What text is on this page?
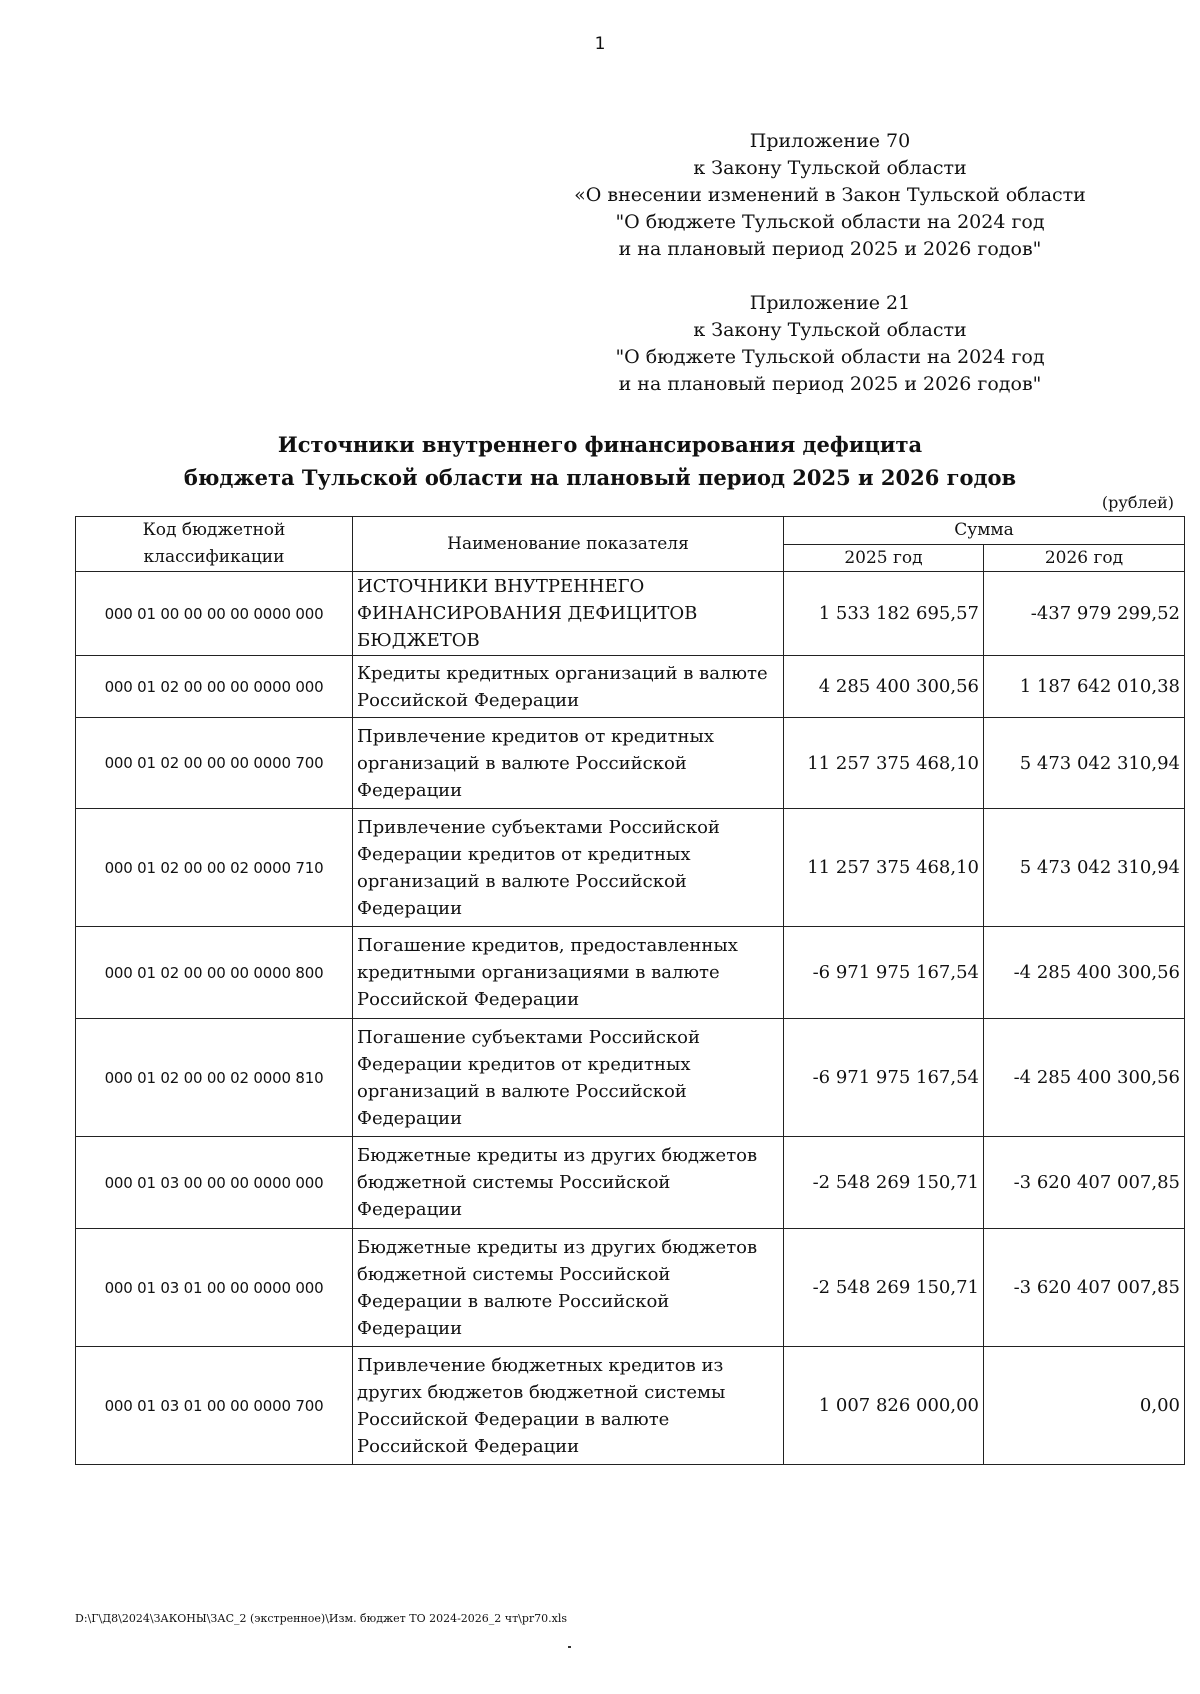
1
Приложение 70
к Закону Тульской области
«О внесении изменений в Закон Тульской области
"О бюджете Тульской области на 2024 год
и на плановый период 2025 и 2026 годов"
Приложение 21
к Закону Тульской области
"О бюджете Тульской области на 2024 год
и на плановый период 2025 и 2026 годов"
Источники внутреннего финансирования дефицита
бюджета Тульской области на плановый период 2025 и 2026 годов
(рублей)
Код бюджетной классификации	Наименование показателя	Сумма	
		2025 год	2026 год
000 01 00 00 00 00 0000 000	ИСТОЧНИКИ ВНУТРЕННЕГО ФИНАНСИРОВАНИЯ ДЕФИЦИТОВ БЮДЖЕТОВ	1 533 182 695,57	-437 979 299,52
000 01 02 00 00 00 0000 000	Кредиты кредитных организаций в валюте Российской Федерации	4 285 400 300,56	1 187 642 010,38
000 01 02 00 00 00 0000 700	Привлечение кредитов от кредитных организаций в валюте Российской Федерации	11 257 375 468,10	5 473 042 310,94
000 01 02 00 00 02 0000 710	Привлечение субъектами Российской Федерации кредитов от кредитных организаций в валюте Российской Федерации	11 257 375 468,10	5 473 042 310,94
000 01 02 00 00 00 0000 800	Погашение кредитов, предоставленных кредитными организациями в валюте Российской Федерации	-6 971 975 167,54	-4 285 400 300,56
000 01 02 00 00 02 0000 810	Погашение субъектами Российской Федерации кредитов от кредитных организаций в валюте Российской Федерации	-6 971 975 167,54	-4 285 400 300,56
000 01 03 00 00 00 0000 000	Бюджетные кредиты из других бюджетов бюджетной системы Российской Федерации	-2 548 269 150,71	-3 620 407 007,85
000 01 03 01 00 00 0000 000	Бюджетные кредиты из других бюджетов бюджетной системы Российской Федерации в валюте Российской Федерации	-2 548 269 150,71	-3 620 407 007,85
000 01 03 01 00 00 0000 700	Привлечение бюджетных кредитов из других бюджетов бюджетной системы Российской Федерации в валюте Российской Федерации	1 007 826 000,00	0,00
D:\Г\Д8\2024\ЗАКОНЫ\ЗАС_2 (экстренное)\Изм. бюджет ТО 2024-2026_2 чт\pr70.xls
